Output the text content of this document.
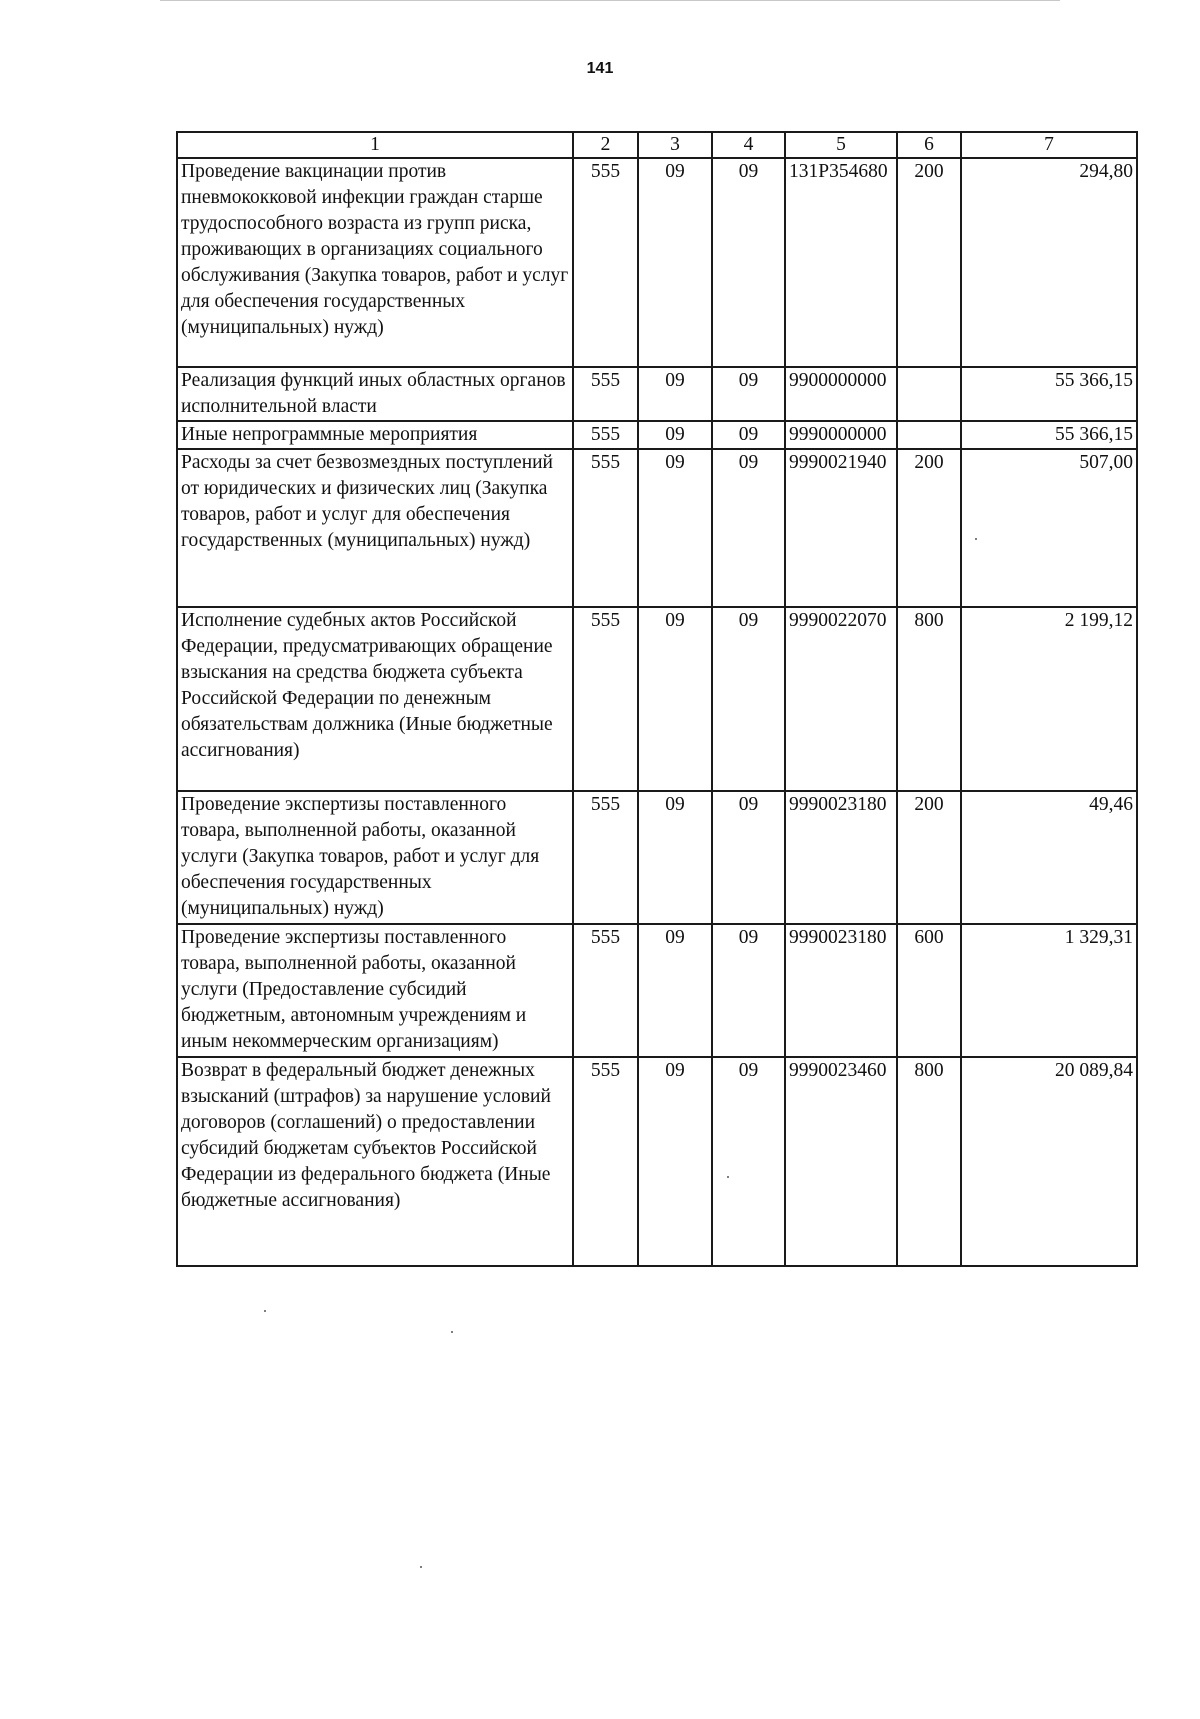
141
1	2	3	4	5	6	7
Проведение вакцинации против пневмококковой инфекции граждан старше трудоспособного возраста из групп риска, проживающих в организациях социального обслуживания (Закупка товаров, работ и услуг для обеспечения государственных (муниципальных) нужд)	555	09	09	131P354680	200	294,80
Реализация функций иных областных органов исполнительной власти	555	09	09	9900000000		55 366,15
Иные непрограммные мероприятия	555	09	09	9990000000		55 366,15
Расходы за счет безвозмездных поступлений от юридических и физических лиц (Закупка товаров, работ и услуг для обеспечения государственных (муниципальных) нужд)	555	09	09	9990021940	200	507,00
Исполнение судебных актов Российской Федерации, предусматривающих обращение взыскания на средства бюджета субъекта Российской Федерации по денежным обязательствам должника (Иные бюджетные ассигнования)	555	09	09	9990022070	800	2 199,12
Проведение экспертизы поставленного товара, выполненной работы, оказанной услуги (Закупка товаров, работ и услуг для обеспечения государственных (муниципальных) нужд)	555	09	09	9990023180	200	49,46
Проведение экспертизы поставленного товара, выполненной работы, оказанной услуги (Предоставление субсидий бюджетным, автономным учреждениям и иным некоммерческим организациям)	555	09	09	9990023180	600	1 329,31
Возврат в федеральный бюджет денежных взысканий (штрафов) за нарушение условий договоров (соглашений) о предоставлении субсидий бюджетам субъектов Российской Федерации из федерального бюджета (Иные бюджетные ассигнования)	555	09	09	9990023460	800	20 089,84
